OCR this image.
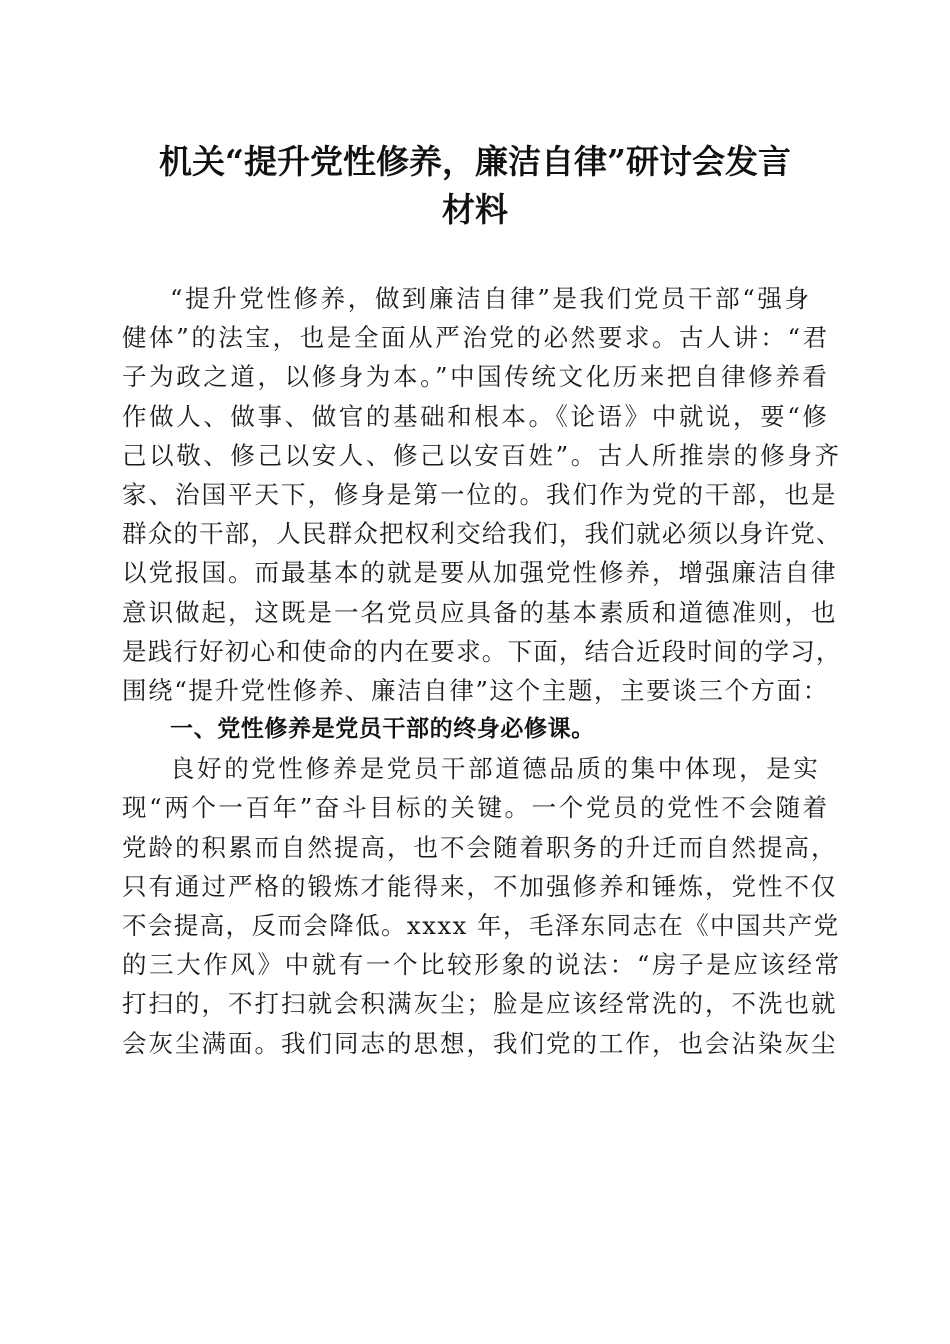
机关“提升党性修养，廉洁自律”研讨会发言
材料
“提升党性修养，做到廉洁自律”是我们党员干部“强身
健体”的法宝，也是全面从严治党的必然要求。古人讲：“君
子为政之道，以修身为本。”中国传统文化历来把自律修养看
作做人、做事、做官的基础和根本。《论语》中就说，要“修
己以敬、修己以安人、修己以安百姓”。古人所推崇的修身齐
家、治国平天下，修身是第一位的。我们作为党的干部，也是
群众的干部，人民群众把权利交给我们，我们就必须以身许党、
以党报国。而最基本的就是要从加强党性修养，增强廉洁自律
意识做起，这既是一名党员应具备的基本素质和道德准则，也
是践行好初心和使命的内在要求。下面，结合近段时间的学习，
围绕“提升党性修养、廉洁自律”这个主题，主要谈三个方面：
一、党性修养是党员干部的终身必修课。
良好的党性修养是党员干部道德品质的集中体现，是实
现“两个一百年”奋斗目标的关键。一个党员的党性不会随着
党龄的积累而自然提高，也不会随着职务的升迁而自然提高，
只有通过严格的锻炼才能得来，不加强修养和锤炼，党性不仅
不会提高，反而会降低。xxxx 年，毛泽东同志在《中国共产党
的三大作风》中就有一个比较形象的说法：“房子是应该经常
打扫的，不打扫就会积满灰尘；脸是应该经常洗的，不洗也就
会灰尘满面。我们同志的思想，我们党的工作，也会沾染灰尘
